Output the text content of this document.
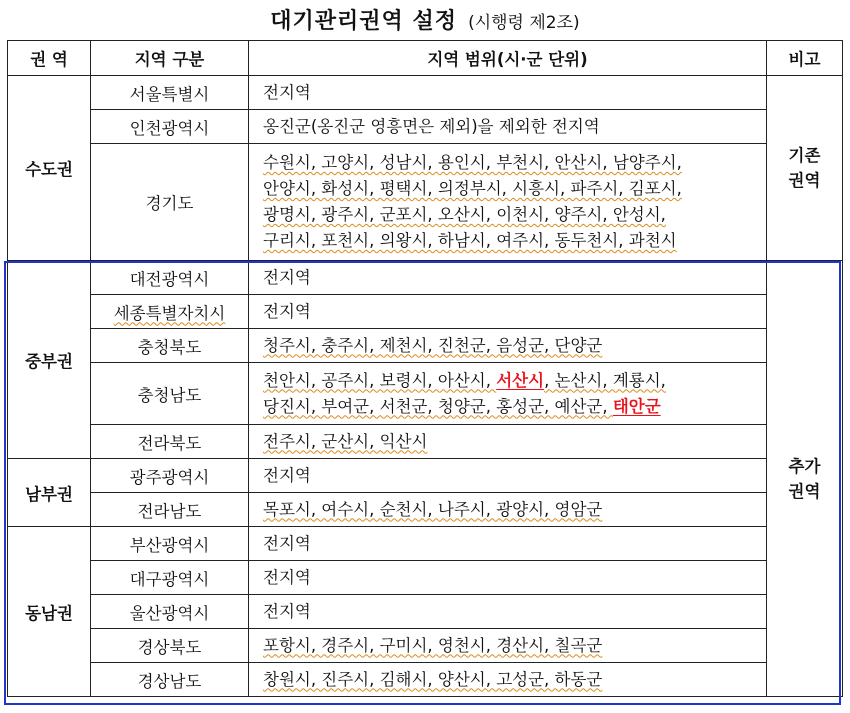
대기관리권역 설정 (시행령 제2조)
권 역	지역 구분	지역 범위(시·군 단위)	비고
수도권	서울특별시	전지역	기존
권역
	인천광역시	옹진군(옹진군 영흥면은 제외)을 제외한 전지역	
	경기도	수원시, 고양시, 성남시, 용인시, 부천시, 안산시, 남양주시,
안양시, 화성시, 평택시, 의정부시, 시흥시, 파주시, 김포시,
광명시, 광주시, 군포시, 오산시, 이천시, 양주시, 안성시,
구리시, 포천시, 의왕시, 하남시, 여주시, 동두천시, 과천시	

중부권	대전광역시	전지역	추가
권역
	세종특별자치시	전지역	
	충청북도	청주시, 충주시, 제천시, 진천군, 음성군, 단양군	
	충청남도	천안시, 공주시, 보령시, 아산시, 서산시, 논산시, 계룡시,
당진시, 부여군, 서천군, 청양군, 홍성군, 예산군, 태안군	

	전라북도	전주시, 군산시, 익산시	
남부권	광주광역시	전지역	
	전라남도	목포시, 여수시, 순천시, 나주시, 광양시, 영암군	
동남권	부산광역시	전지역	
	대구광역시	전지역	
	울산광역시	전지역	
	경상북도	포항시, 경주시, 구미시, 영천시, 경산시, 칠곡군	
	경상남도	창원시, 진주시, 김해시, 양산시, 고성군, 하동군	
